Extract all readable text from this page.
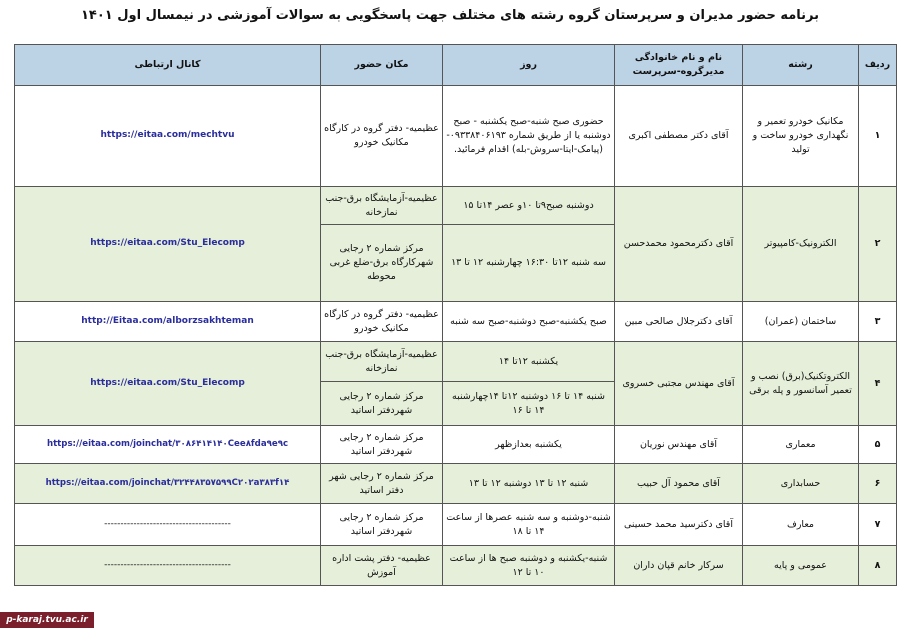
برنامه حضور مدیران و سرپرستان گروه رشته های مختلف جهت پاسخگویی به سوالات آموزشی در نیمسال اول ۱۴۰۱
ردیف	رشته	نام و نام خانوادگی مدیرگروه-سرپرست	روز	مکان حضور	کانال ارتباطی
۱	مکانیک خودرو تعمیر و نگهداری خودرو ساخت و تولید	آقای دکتر مصطفی اکبری	حضوری صبح شنبه-صبح یکشنبه - صبح دوشنبه یا از طریق شماره ۰۹۳۳۸۴۰۶۱۹۳- (پیامک-ایتا-سروش-بله) اقدام فرمائید.	عظیمیه- دفتر گروه در کارگاه مکانیک خودرو	https://eitaa.com/mechtvu
۲	الکترونیک-کامپیوتر	آقای دکترمحمود محمدحسن	دوشنبه صبح۹تا ۱۰و عصر ۱۴تا ۱۵	عظیمیه-آزمایشگاه برق-جنب نمازخانه	https://eitaa.com/Stu_Elecomp
			سه شنبه ۱۲تا ۱۶:۳۰ چهارشنبه ۱۲ تا ۱۳	مرکز شماره ۲ رجایی شهرکارگاه برق-ضلع غربی محوطه	
۳	ساختمان (عمران)	آقای دکترجلال صالحی مبین	صبح یکشنبه-صبح دوشنبه-صبح سه شنبه	عظیمیه- دفتر گروه در کارگاه مکانیک خودرو	http://Eitaa.com/alborzsakhteman
۴	الکتروتکنیک(برق) نصب و تعمیر آسانسور و پله برقی	آقای مهندس مجتبی خسروی	یکشنبه ۱۲تا ۱۴	عظیمیه-آزمایشگاه برق-جنب نمازخانه	https://eitaa.com/Stu_Elecomp
			شنبه ۱۴ تا ۱۶ دوشنبه ۱۲تا ۱۴چهارشنبه ۱۴ تا ۱۶	مرکز شماره ۲ رجایی شهردفتر اساتید	
۵	معماری	آقای مهندس نوریان	یکشنبه بعدازظهر	مرکز شماره ۲ رجایی شهردفتر اساتید	https://eitaa.com/joinchat/۳۰۸۶۴۱۴۱۴۰Cee۸fda۹e۹c
۶	حسابداری	آقای محمود آل حبیب	شنبه ۱۲ تا ۱۳ دوشنبه ۱۲ تا ۱۳	مرکز شماره ۲ رجایی شهر دفتر اساتید	https://eitaa.com/joinchat/۳۲۴۴۸۳۵۷۵۹۹C۲۰۲a۳۸۳f۱۴
۷	معارف	آقای دکترسید محمد حسینی	شنبه-دوشنبه و سه شنبه عصرها از ساعت ۱۴ تا ۱۸	مرکز شماره ۲ رجایی شهردفتر اساتید	---------------------------------------
۸	عمومی و پایه	سرکار خانم قپان داران	شنبه-یکشنبه و دوشنبه صبح ها از ساعت ۱۰ تا ۱۲	عظیمیه- دفتر پشت اداره آموزش	---------------------------------------
p-karaj.tvu.ac.ir
